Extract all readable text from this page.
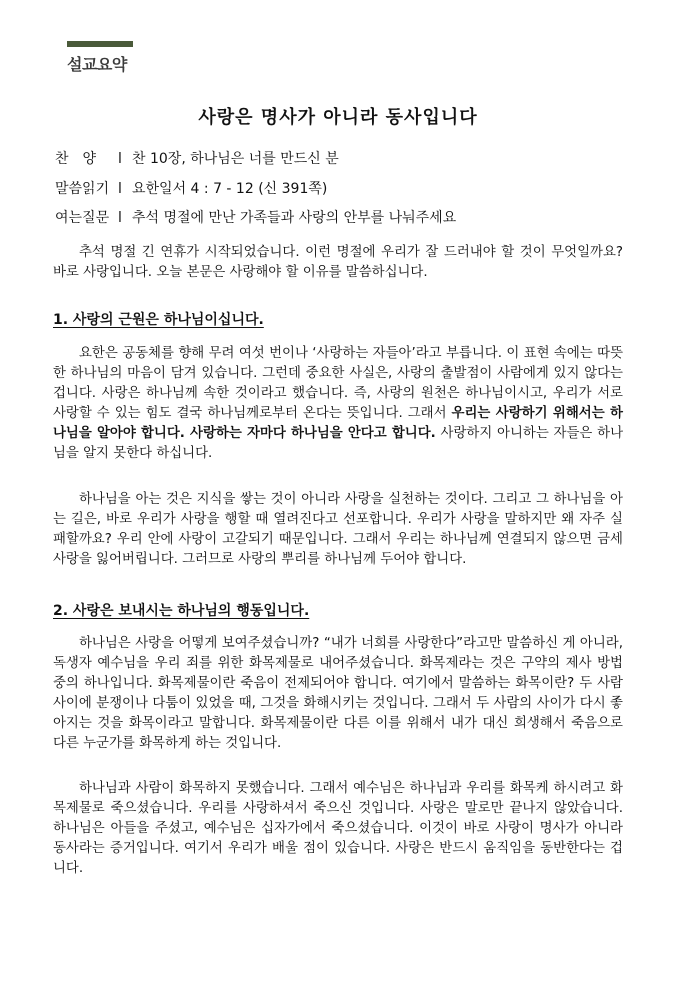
설교요약
사랑은 명사가 아니라 동사입니다
찬양 l 찬 10장, 하나님은 너를 만드신 분
말씀읽기 l 요한일서 4 : 7 - 12 (신 391쪽)
여는질문 l 추석 명절에 만난 가족들과 사랑의 안부를 나눠주세요
추석 명절 긴 연휴가 시작되었습니다. 이런 명절에 우리가 잘 드러내야 할 것이 무엇일까요? 바로 사랑입니다. 오늘 본문은 사랑해야 할 이유를 말씀하십니다.
1. 사랑의 근원은 하나님이십니다.
요한은 공동체를 향해 무려 여섯 번이나 ‘사랑하는 자들아’라고 부릅니다. 이 표현 속에는 따뜻한 하나님의 마음이 담겨 있습니다. 그런데 중요한 사실은, 사랑의 출발점이 사람에게 있지 않다는 겁니다. 사랑은 하나님께 속한 것이라고 했습니다. 즉, 사랑의 원천은 하나님이시고, 우리가 서로 사랑할 수 있는 힘도 결국 하나님께로부터 온다는 뜻입니다. 그래서 우리는 사랑하기 위해서는 하나님을 알아야 합니다. 사랑하는 자마다 하나님을 안다고 합니다. 사랑하지 아니하는 자들은 하나님을 알지 못한다 하십니다.
하나님을 아는 것은 지식을 쌓는 것이 아니라 사랑을 실천하는 것이다. 그리고 그 하나님을 아는 길은, 바로 우리가 사랑을 행할 때 열려진다고 선포합니다. 우리가 사랑을 말하지만 왜 자주 실패할까요? 우리 안에 사랑이 고갈되기 때문입니다. 그래서 우리는 하나님께 연결되지 않으면 금세 사랑을 잃어버립니다. 그러므로 사랑의 뿌리를 하나님께 두어야 합니다.
2. 사랑은 보내시는 하나님의 행동입니다.
하나님은 사랑을 어떻게 보여주셨습니까? “내가 너희를 사랑한다”라고만 말씀하신 게 아니라, 독생자 예수님을 우리 죄를 위한 화목제물로 내어주셨습니다. 화목제라는 것은 구약의 제사 방법 중의 하나입니다. 화목제물이란 죽음이 전제되어야 합니다. 여기에서 말씀하는 화목이란? 두 사람 사이에 분쟁이나 다툼이 있었을 때, 그것을 화해시키는 것입니다. 그래서 두 사람의 사이가 다시 좋아지는 것을 화목이라고 말합니다. 화목제물이란 다른 이를 위해서 내가 대신 희생해서 죽음으로 다른 누군가를 화목하게 하는 것입니다.
하나님과 사람이 화목하지 못했습니다. 그래서 예수님은 하나님과 우리를 화목케 하시려고 화목제물로 죽으셨습니다. 우리를 사랑하셔서 죽으신 것입니다. 사랑은 말로만 끝나지 않았습니다. 하나님은 아들을 주셨고, 예수님은 십자가에서 죽으셨습니다. 이것이 바로 사랑이 명사가 아니라 동사라는 증거입니다. 여기서 우리가 배울 점이 있습니다. 사랑은 반드시 움직임을 동반한다는 겁니다.
